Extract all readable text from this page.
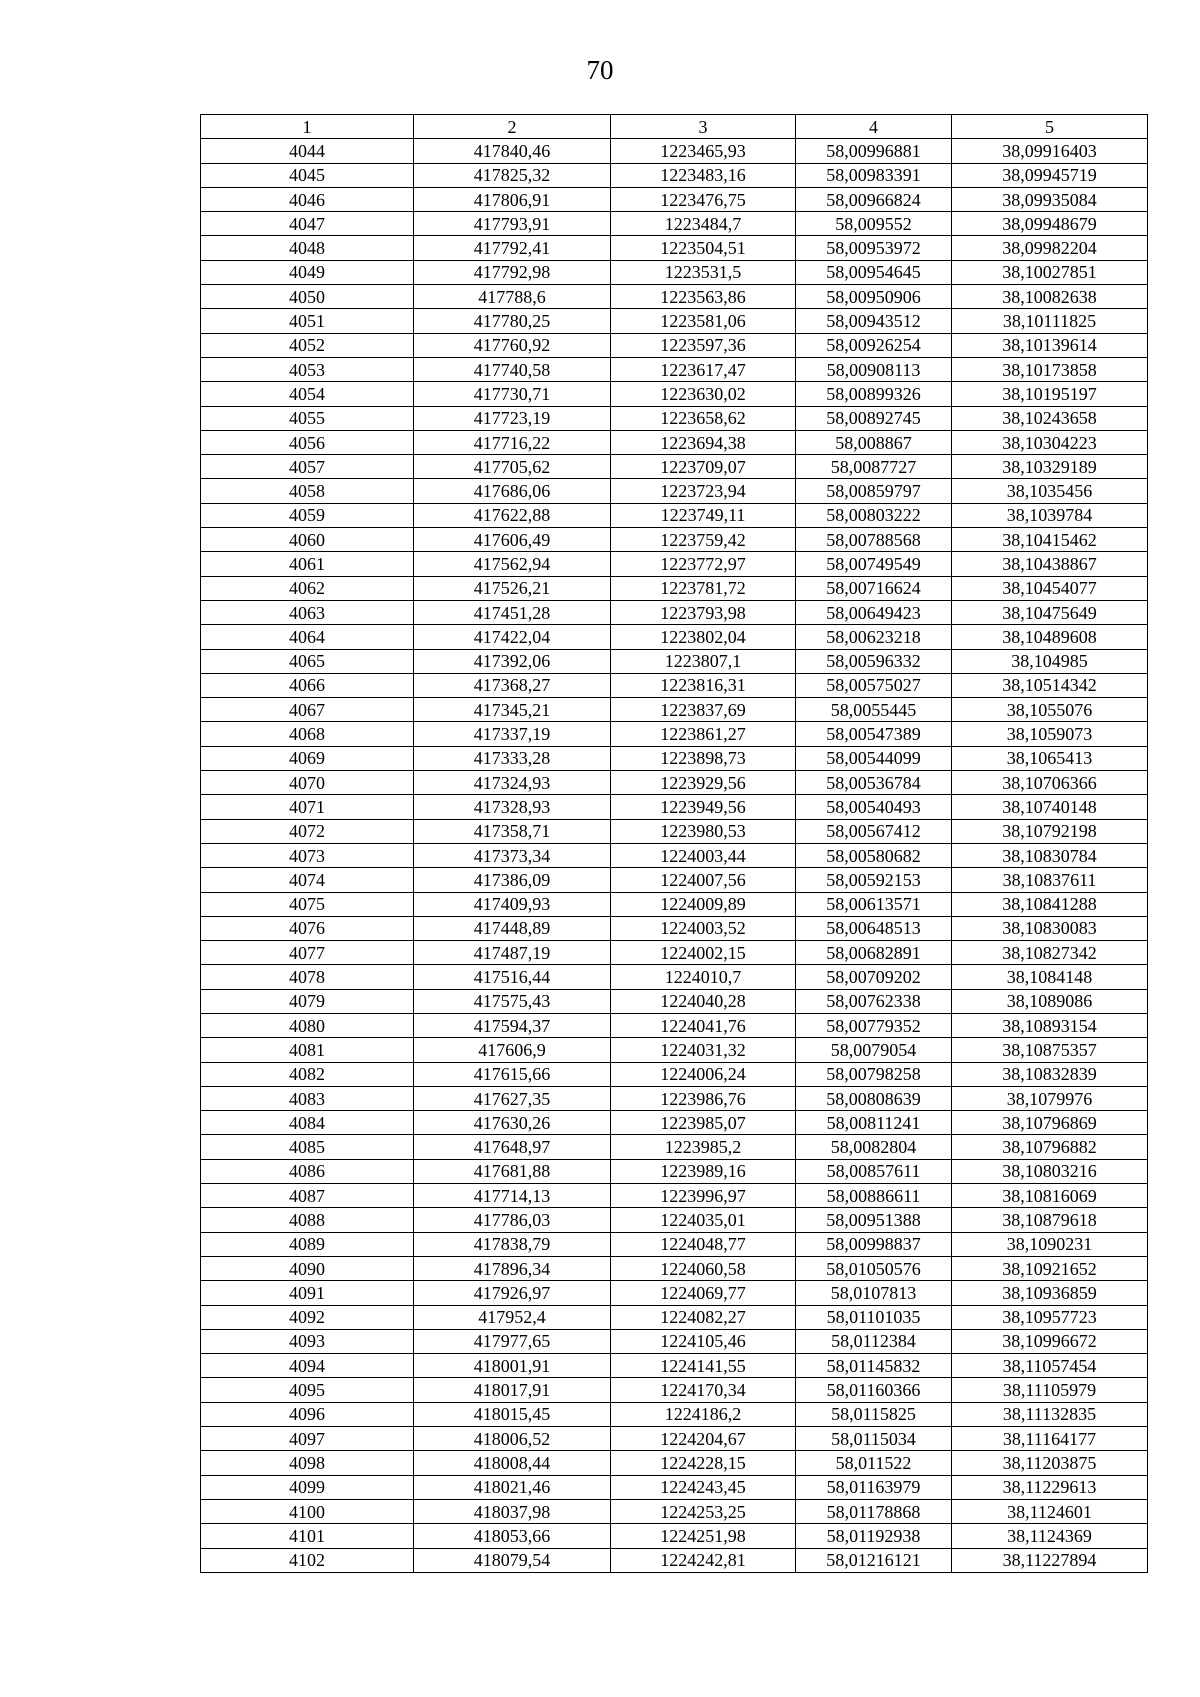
70
1	2	3	4	5
4044	417840,46	1223465,93	58,00996881	38,09916403
4045	417825,32	1223483,16	58,00983391	38,09945719
4046	417806,91	1223476,75	58,00966824	38,09935084
4047	417793,91	1223484,7	58,009552	38,09948679
4048	417792,41	1223504,51	58,00953972	38,09982204
4049	417792,98	1223531,5	58,00954645	38,10027851
4050	417788,6	1223563,86	58,00950906	38,10082638
4051	417780,25	1223581,06	58,00943512	38,10111825
4052	417760,92	1223597,36	58,00926254	38,10139614
4053	417740,58	1223617,47	58,00908113	38,10173858
4054	417730,71	1223630,02	58,00899326	38,10195197
4055	417723,19	1223658,62	58,00892745	38,10243658
4056	417716,22	1223694,38	58,008867	38,10304223
4057	417705,62	1223709,07	58,0087727	38,10329189
4058	417686,06	1223723,94	58,00859797	38,1035456
4059	417622,88	1223749,11	58,00803222	38,1039784
4060	417606,49	1223759,42	58,00788568	38,10415462
4061	417562,94	1223772,97	58,00749549	38,10438867
4062	417526,21	1223781,72	58,00716624	38,10454077
4063	417451,28	1223793,98	58,00649423	38,10475649
4064	417422,04	1223802,04	58,00623218	38,10489608
4065	417392,06	1223807,1	58,00596332	38,104985
4066	417368,27	1223816,31	58,00575027	38,10514342
4067	417345,21	1223837,69	58,0055445	38,1055076
4068	417337,19	1223861,27	58,00547389	38,1059073
4069	417333,28	1223898,73	58,00544099	38,1065413
4070	417324,93	1223929,56	58,00536784	38,10706366
4071	417328,93	1223949,56	58,00540493	38,10740148
4072	417358,71	1223980,53	58,00567412	38,10792198
4073	417373,34	1224003,44	58,00580682	38,10830784
4074	417386,09	1224007,56	58,00592153	38,10837611
4075	417409,93	1224009,89	58,00613571	38,10841288
4076	417448,89	1224003,52	58,00648513	38,10830083
4077	417487,19	1224002,15	58,00682891	38,10827342
4078	417516,44	1224010,7	58,00709202	38,1084148
4079	417575,43	1224040,28	58,00762338	38,1089086
4080	417594,37	1224041,76	58,00779352	38,10893154
4081	417606,9	1224031,32	58,0079054	38,10875357
4082	417615,66	1224006,24	58,00798258	38,10832839
4083	417627,35	1223986,76	58,00808639	38,1079976
4084	417630,26	1223985,07	58,00811241	38,10796869
4085	417648,97	1223985,2	58,0082804	38,10796882
4086	417681,88	1223989,16	58,00857611	38,10803216
4087	417714,13	1223996,97	58,00886611	38,10816069
4088	417786,03	1224035,01	58,00951388	38,10879618
4089	417838,79	1224048,77	58,00998837	38,1090231
4090	417896,34	1224060,58	58,01050576	38,10921652
4091	417926,97	1224069,77	58,0107813	38,10936859
4092	417952,4	1224082,27	58,01101035	38,10957723
4093	417977,65	1224105,46	58,0112384	38,10996672
4094	418001,91	1224141,55	58,01145832	38,11057454
4095	418017,91	1224170,34	58,01160366	38,11105979
4096	418015,45	1224186,2	58,0115825	38,11132835
4097	418006,52	1224204,67	58,0115034	38,11164177
4098	418008,44	1224228,15	58,011522	38,11203875
4099	418021,46	1224243,45	58,01163979	38,11229613
4100	418037,98	1224253,25	58,01178868	38,1124601
4101	418053,66	1224251,98	58,01192938	38,1124369
4102	418079,54	1224242,81	58,01216121	38,11227894
